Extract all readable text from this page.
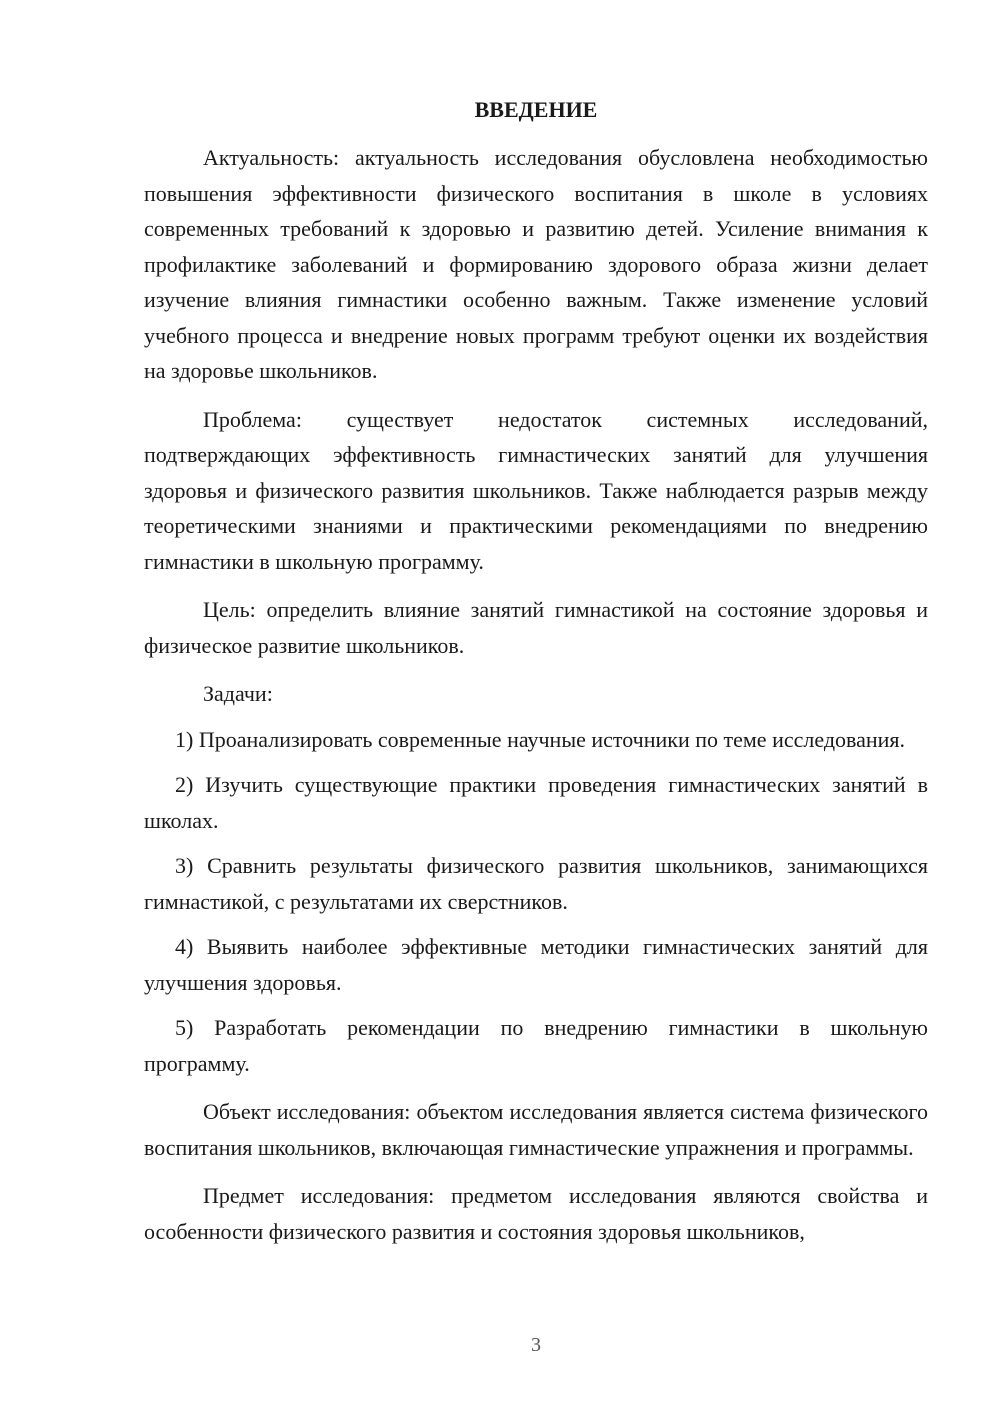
ВВЕДЕНИЕ

Актуальность: актуальность исследования обусловлена необходимостью повышения эффективности физического воспитания в школе в условиях современных требований к здоровью и развитию детей. Усиление внимания к профилактике заболеваний и формированию здорового образа жизни делает изучение влияния гимнастики особенно важным. Также изменение условий учебного процесса и внедрение новых программ требуют оценки их воздействия на здоровье школьников.

Проблема: существует недостаток системных исследований, подтверждающих эффективность гимнастических занятий для улучшения здоровья и физического развития школьников. Также наблюдается разрыв между теоретическими знаниями и практическими рекомендациями по внедрению гимнастики в школьную программу.

Цель: определить влияние занятий гимнастикой на состояние здоровья и физическое развитие школьников.

Задачи:

1) Проанализировать современные научные источники по теме исследования.

2) Изучить существующие практики проведения гимнастических занятий в школах.

3) Сравнить результаты физического развития школьников, занимающихся гимнастикой, с результатами их сверстников.

4) Выявить наиболее эффективные методики гимнастических занятий для улучшения здоровья.

5) Разработать рекомендации по внедрению гимнастики в школьную программу.

Объект исследования: объектом исследования является система физического воспитания школьников, включающая гимнастические упражнения и программы.

Предмет исследования: предметом исследования являются свойства и особенности физического развития и состояния здоровья школьников,

3
